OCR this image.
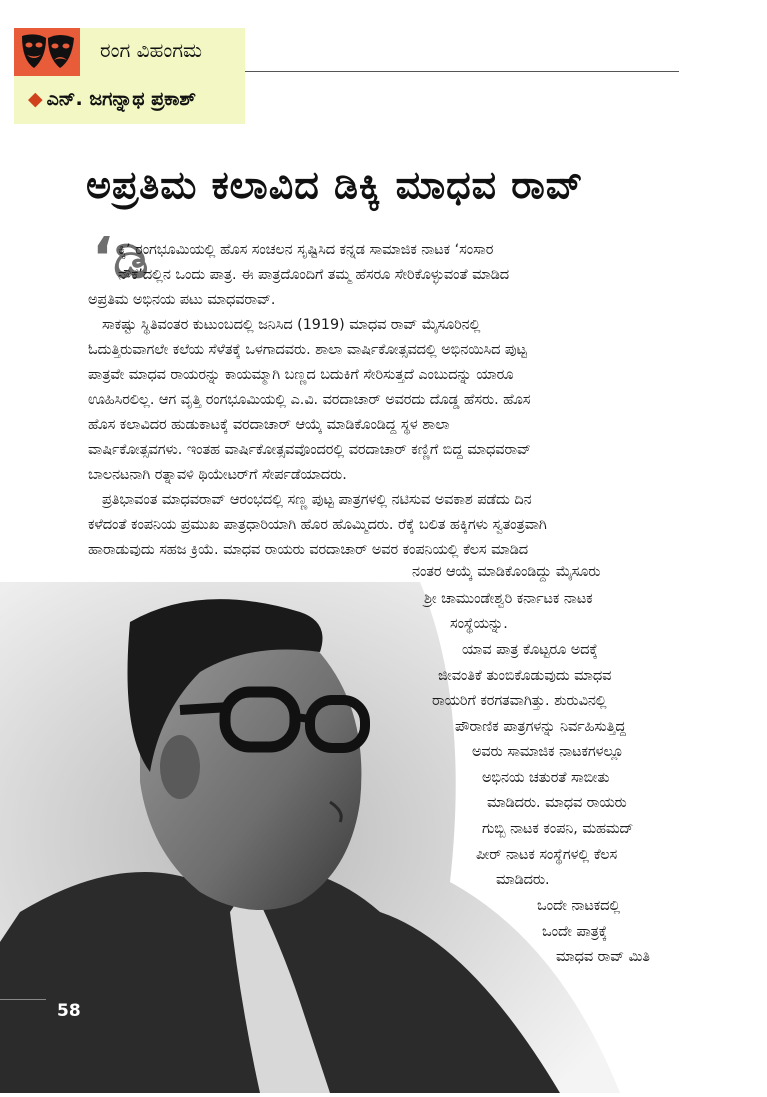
ರಂಗ ವಿಹಂಗಮ
◆ ಎನ್. ಜಗನ್ನಾಥ ಪ್ರಕಾಶ್
ಅಪ್ರತಿಮ ಕಲಾವಿದ ಡಿಕ್ಕಿ ಮಾಧವ ರಾವ್
‘ಡಿ
ಕ್ಕಿ’ ರಂಗಭೂಮಿಯಲ್ಲಿ ಹೊಸ ಸಂಚಲನ ಸೃಷ್ಟಿಸಿದ ಕನ್ನಡ ಸಾಮಾಜಿಕ ನಾಟಕ ‘ಸಂಸಾರ
ನೌಕೆ’ದಲ್ಲಿನ ಒಂದು ಪಾತ್ರ. ಈ ಪಾತ್ರದೊಂದಿಗೆ ತಮ್ಮ ಹೆಸರೂ ಸೇರಿಕೊಳ್ಳುವಂತೆ ಮಾಡಿದ
ಅಪ್ರತಿಮ ಅಭಿನಯ ಪಟು ಮಾಧವರಾವ್.
ಸಾಕಷ್ಟು ಸ್ಥಿತಿವಂತರ ಕುಟುಂಬದಲ್ಲಿ ಜನಿಸಿದ (1919) ಮಾಧವ ರಾವ್ ಮೈಸೂರಿನಲ್ಲಿ
ಓದುತ್ತಿರುವಾಗಲೇ ಕಲೆಯ ಸೆಳೆತಕ್ಕೆ ಒಳಗಾದವರು. ಶಾಲಾ ವಾರ್ಷಿಕೋತ್ಸವದಲ್ಲಿ ಅಭಿನಯಿಸಿದ ಪುಟ್ಟ
ಪಾತ್ರವೇ ಮಾಧವ ರಾಯರನ್ನು ಕಾಯಮ್ಮಾಗಿ ಬಣ್ಣದ ಬದುಕಿಗೆ ಸೇರಿಸುತ್ತದೆ ಎಂಬುದನ್ನು ಯಾರೂ
ಊಹಿಸಿರಲಿಲ್ಲ. ಆಗ ವೃತ್ತಿ ರಂಗಭೂಮಿಯಲ್ಲಿ ಎ.ವಿ. ವರದಾಚಾರ್ ಅವರದು ದೊಡ್ಡ ಹೆಸರು. ಹೊಸ
ಹೊಸ ಕಲಾವಿದರ ಹುಡುಕಾಟಕ್ಕೆ ವರದಾಚಾರ್ ಆಯ್ಕೆ ಮಾಡಿಕೊಂಡಿದ್ದ ಸ್ಥಳ ಶಾಲಾ
ವಾರ್ಷಿಕೋತ್ಸವಗಳು. ಇಂತಹ ವಾರ್ಷಿಕೋತ್ಸವವೊಂದರಲ್ಲಿ ವರದಾಚಾರ್ ಕಣ್ಣಿಗೆ ಬಿದ್ದ ಮಾಧವರಾವ್
ಬಾಲನಟನಾಗಿ ರತ್ನಾವಳಿ ಥಿಯೇಟರ್‌ಗೆ ಸೇರ್ಪಡೆಯಾದರು.
ಪ್ರತಿಭಾವಂತ ಮಾಧವರಾವ್ ಆರಂಭದಲ್ಲಿ ಸಣ್ಣ ಪುಟ್ಟ ಪಾತ್ರಗಳಲ್ಲಿ ನಟಿಸುವ ಅವಕಾಶ ಪಡೆದು ದಿನ
ಕಳೆದಂತೆ ಕಂಪನಿಯ ಪ್ರಮುಖ ಪಾತ್ರಧಾರಿಯಾಗಿ ಹೊರ ಹೊಮ್ಮಿದರು. ರೆಕ್ಕೆ ಬಲಿತ ಹಕ್ಕಿಗಳು ಸ್ವತಂತ್ರವಾಗಿ
ಹಾರಾಡುವುದು ಸಹಜ ಕ್ರಿಯೆ. ಮಾಧವ ರಾಯರು ವರದಾಚಾರ್ ಅವರ ಕಂಪನಿಯಲ್ಲಿ ಕೆಲಸ ಮಾಡಿದ
ನಂತರ ಆಯ್ಕೆ ಮಾಡಿಕೊಂಡಿದ್ದು ಮೈಸೂರು
ಶ್ರೀ ಚಾಮುಂಡೇಶ್ವರಿ ಕರ್ನಾಟಕ ನಾಟಕ
ಸಂಸ್ಥೆಯನ್ನು.
ಯಾವ ಪಾತ್ರ ಕೊಟ್ಟರೂ ಅದಕ್ಕೆ
ಜೀವಂತಿಕೆ ತುಂಬಿಕೊಡುವುದು ಮಾಧವ
ರಾಯರಿಗೆ ಕರಗತವಾಗಿತ್ತು. ಶುರುವಿನಲ್ಲಿ
ಪೌರಾಣಿಕ ಪಾತ್ರಗಳನ್ನು ನಿರ್ವಹಿಸುತ್ತಿದ್ದ
ಅವರು ಸಾಮಾಜಿಕ ನಾಟಕಗಳಲ್ಲೂ
ಅಭಿನಯ ಚತುರತೆ ಸಾಬೀತು
ಮಾಡಿದರು. ಮಾಧವ ರಾಯರು
ಗುಬ್ಬಿ ನಾಟಕ ಕಂಪನಿ, ಮಹಮದ್
ಪೀರ್ ನಾಟಕ ಸಂಸ್ಥೆಗಳಲ್ಲಿ ಕೆಲಸ
ಮಾಡಿದರು.
ಒಂದೇ ನಾಟಕದಲ್ಲಿ
ಒಂದೇ ಪಾತ್ರಕ್ಕೆ
ಮಾಧವ ರಾವ್ ಮಿತಿ
58
